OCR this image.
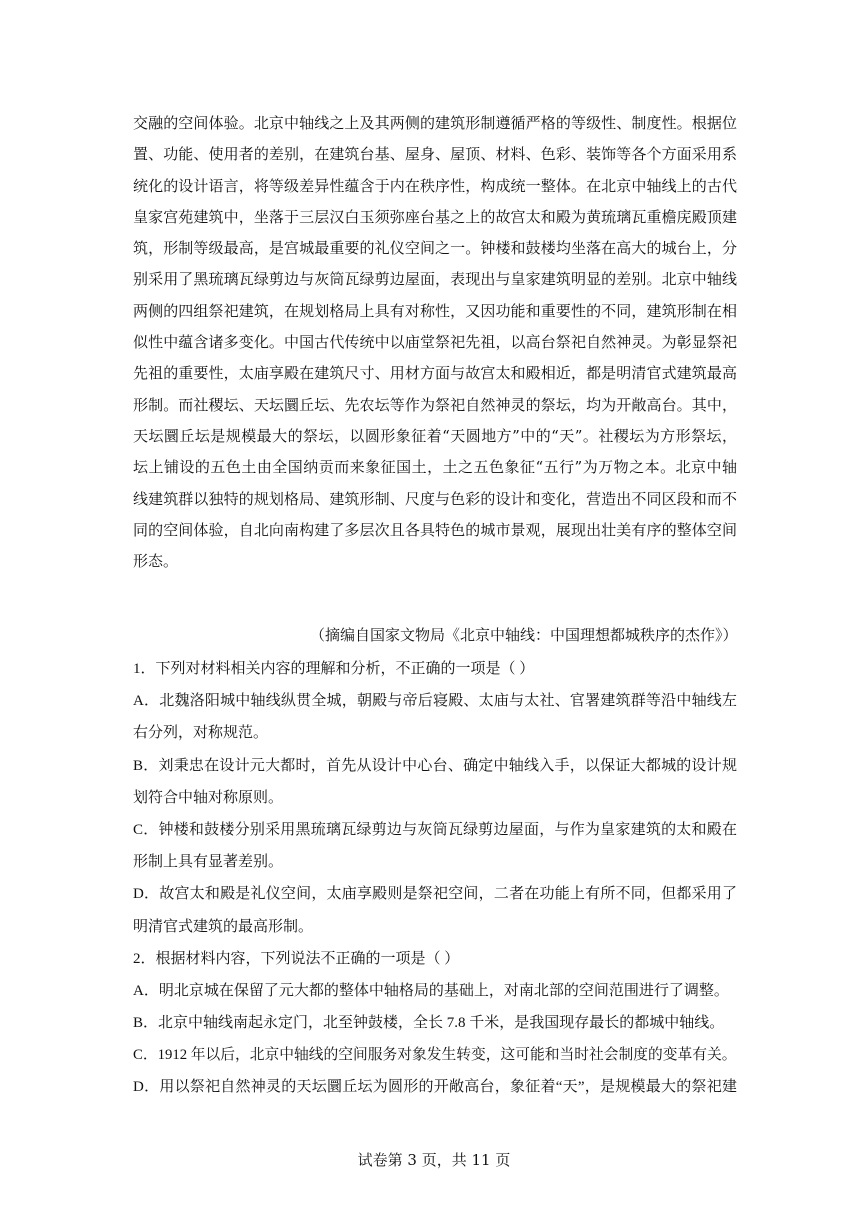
交融的空间体验。北京中轴线之上及其两侧的建筑形制遵循严格的等级性、制度性。根据位
置、功能、使用者的差别，在建筑台基、屋身、屋顶、材料、色彩、装饰等各个方面采用系
统化的设计语言，将等级差异性蕴含于内在秩序性，构成统一整体。在北京中轴线上的古代
皇家宫苑建筑中，坐落于三层汉白玉须弥座台基之上的故宫太和殿为黄琉璃瓦重檐庑殿顶建
筑，形制等级最高，是宫城最重要的礼仪空间之一。钟楼和鼓楼均坐落在高大的城台上，分
别采用了黑琉璃瓦绿剪边与灰筒瓦绿剪边屋面，表现出与皇家建筑明显的差别。北京中轴线
两侧的四组祭祀建筑，在规划格局上具有对称性，又因功能和重要性的不同，建筑形制在相
似性中蕴含诸多变化。中国古代传统中以庙堂祭祀先祖，以高台祭祀自然神灵。为彰显祭祀
先祖的重要性，太庙享殿在建筑尺寸、用材方面与故宫太和殿相近，都是明清官式建筑最高
形制。而社稷坛、天坛圜丘坛、先农坛等作为祭祀自然神灵的祭坛，均为开敞高台。其中，
天坛圜丘坛是规模最大的祭坛，以圆形象征着“天圆地方”中的“天”。社稷坛为方形祭坛，
坛上铺设的五色土由全国纳贡而来象征国土，土之五色象征“五行”为万物之本。北京中轴
线建筑群以独特的规划格局、建筑形制、尺度与色彩的设计和变化，营造出不同区段和而不
同的空间体验，自北向南构建了多层次且各具特色的城市景观，展现出壮美有序的整体空间
形态。
（摘编自国家文物局《北京中轴线：中国理想都城秩序的杰作》）
1．下列对材料相关内容的理解和分析，不正确的一项是（ ）
A．北魏洛阳城中轴线纵贯全城，朝殿与帝后寝殿、太庙与太社、官署建筑群等沿中轴线左
右分列，对称规范。
B．刘秉忠在设计元大都时，首先从设计中心台、确定中轴线入手，以保证大都城的设计规
划符合中轴对称原则。
C．钟楼和鼓楼分别采用黑琉璃瓦绿剪边与灰筒瓦绿剪边屋面，与作为皇家建筑的太和殿在
形制上具有显著差别。
D．故宫太和殿是礼仪空间，太庙享殿则是祭祀空间，二者在功能上有所不同，但都采用了
明清官式建筑的最高形制。
2．根据材料内容，下列说法不正确的一项是（ ）
A．明北京城在保留了元大都的整体中轴格局的基础上，对南北部的空间范围进行了调整。
B．北京中轴线南起永定门，北至钟鼓楼，全长 7.8 千米，是我国现存最长的都城中轴线。
C．1912 年以后，北京中轴线的空间服务对象发生转变，这可能和当时社会制度的变革有关。
D．用以祭祀自然神灵的天坛圜丘坛为圆形的开敞高台，象征着“天”，是规模最大的祭祀建
试卷第 3 页，共 11 页
